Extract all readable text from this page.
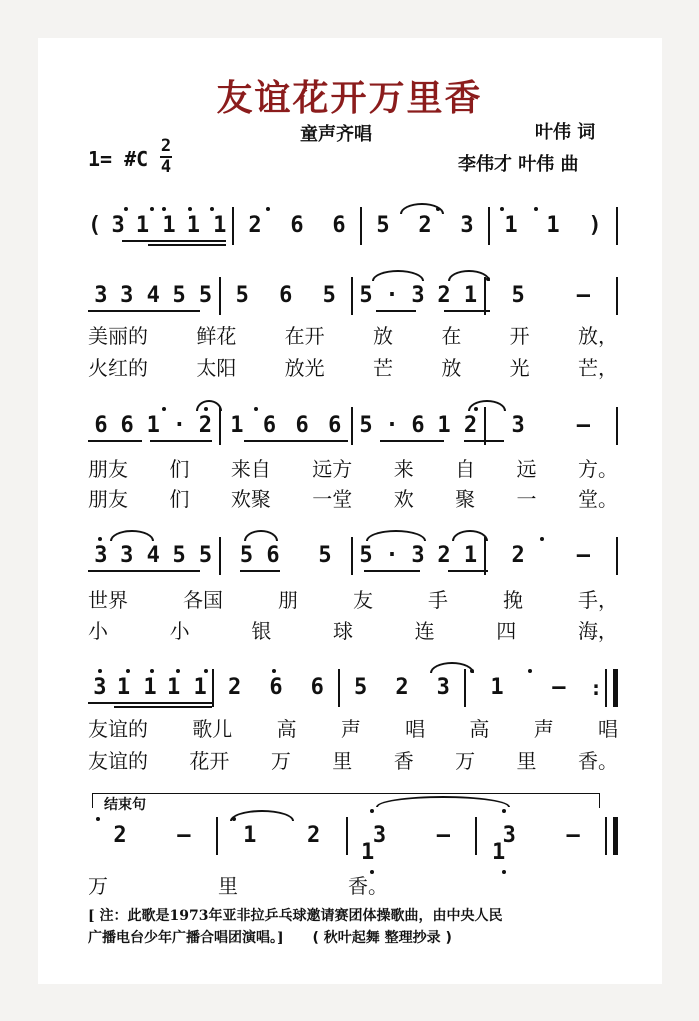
友谊花开万里香
童声齐唱	叶伟 词
李伟才 叶伟 曲
1= #C
2
4
( 3 1 1 1 1 2 6 6 5 2 3 1 1 )
3 3 4 5 5 5 6 5 5 · 3 2 1 5 –
美丽的 鲜花 在开 放 在 开 放，
火红的 太阳 放光 芒 放 光 芒，
6 6 1 · 2 1 6 6 6 5 · 6 1 2 3 –
朋友 们 来自 远方 来 自 远 方。
朋友 们 欢聚 一堂 欢 聚 一 堂。
3 3 4 5 5 5 6 5 5 · 3 2 1 2 –
世界	各国	朋	友	手	挽	手，
小	小	银	球	连	四	海，
3 1 1 1 1 2 6 6 5 2 3 1 – :
友谊的 歌儿 高 声 唱 高 声 唱
友谊的 花开 万 里 香 万 里 香。
结束句
2 – 1 2 3 – 3 –
1	1
万	里	香。
[ 注：此歌是1973年亚非拉乒乓球邀请赛团体操歌曲，由中央人民
广播电台少年广播合唱团演唱。] ( 秋叶起舞 整理抄录 )
